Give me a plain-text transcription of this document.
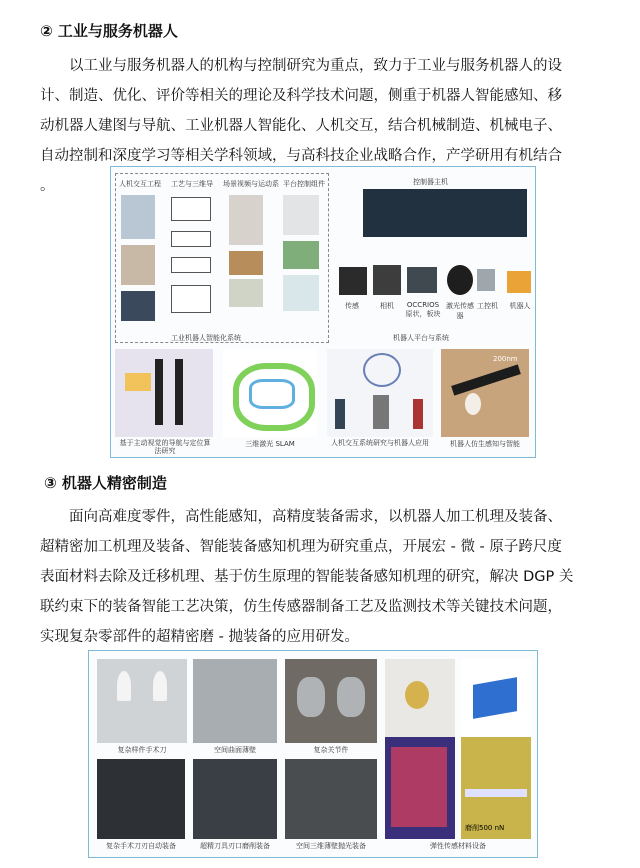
② 工业与服务机器人
以工业与服务机器人的机构与控制研究为重点，致力于工业与服务机器人的设
计、制造、优化、评价等相关的理论及科学技术问题，侧重于机器人智能感知、移
动机器人建图与导航、工业机器人智能化、人机交互，结合机械制造、机械电子、
自动控制和深度学习等相关学科领域，与高科技企业战略合作，产学研用有机结合
。	人机交互工程 工艺与三维导 场景视频与运动系 平台控制组件
工业机器人智能化系统
控制器主机
传感	相机	OCCRIOS原状，板块
激光传感器
工控机	机器人
机器人平台与系统
200nm
基于主动视觉的导航与定位算法研究
三维激光 SLAM	人机交互系统研究与机器人应用	机器人仿生感知与智能
③ 机器人精密制造
面向高难度零件，高性能感知，高精度装备需求，以机器人加工机理及装备、
超精密加工机理及装备、智能装备感知机理为研究重点，开展宏 - 微 - 原子跨尺度
表面材料去除及迁移机理、基于仿生原理的智能装备感知机理的研究，解决 DGP 关
联约束下的装备智能工艺决策，仿生传感器制备工艺及监测技术等关键技术问题，
实现复杂零部件的超精密磨 - 抛装备的应用研发。
复杂样件手术刀	空间曲面薄壁	复杂关节件
磨削500 nN
复杂手术刀刃自动装备	超精刀具刃口磨削装备	空间三维薄壁抛光装备	弹性传感材料设备
